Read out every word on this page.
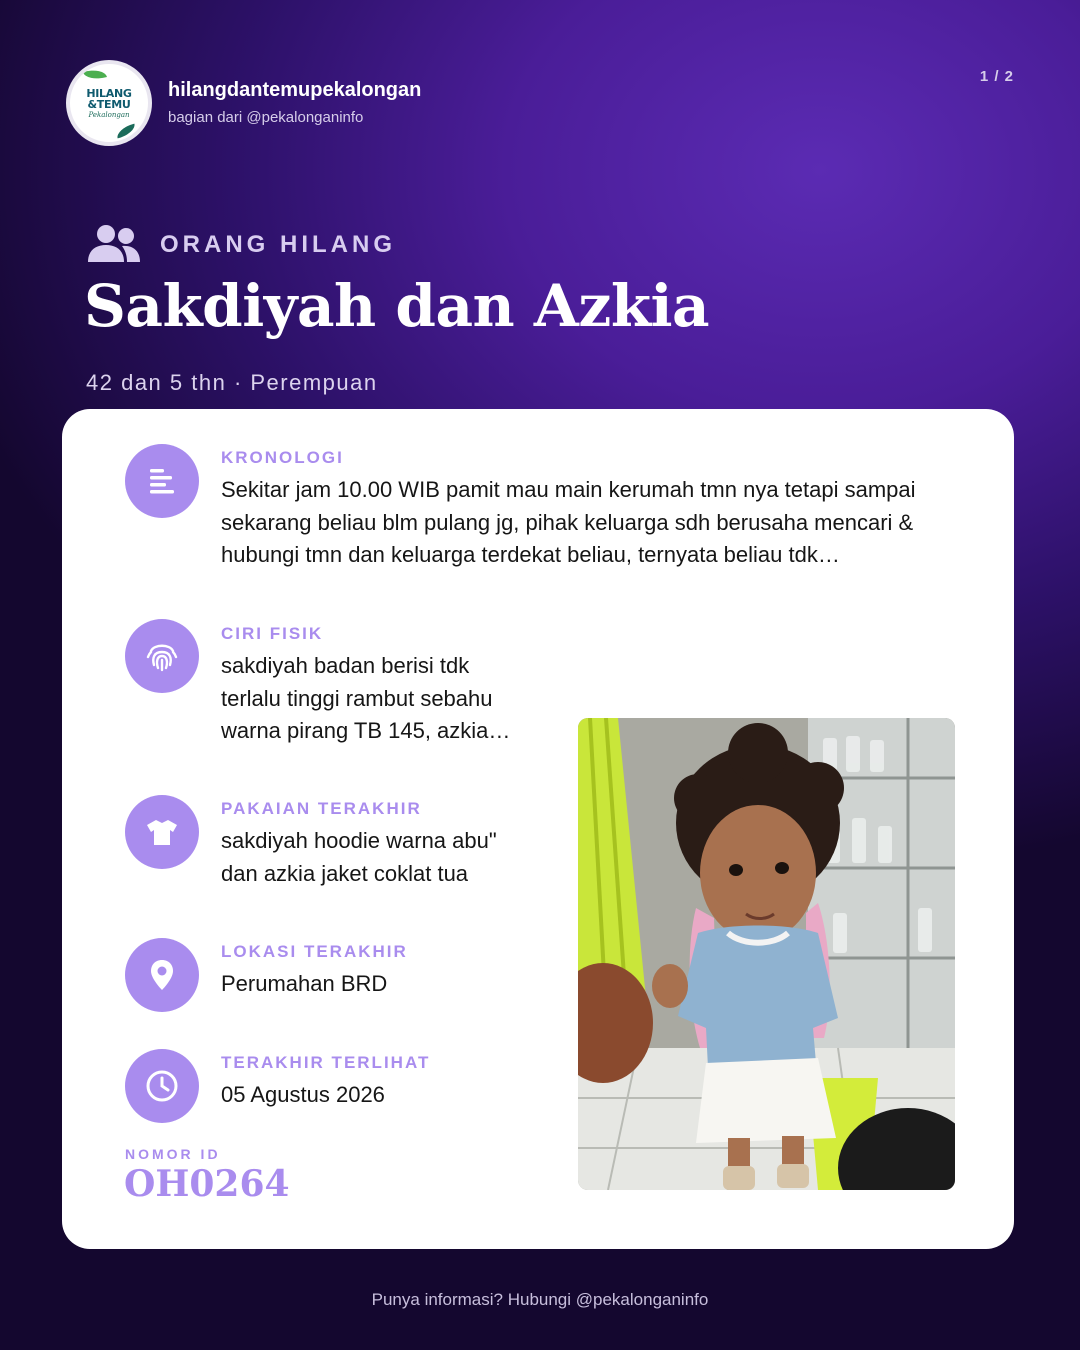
HILANG
&TEMU
Pekalongan
hilangdantemupekalongan
bagian dari @pekalonganinfo
1 / 2
ORANG HILANG
Sakdiyah dan Azkia
42 dan 5 thn · Perempuan
KRONOLOGI
Sekitar jam 10.00 WIB pamit mau main kerumah tmn nya tetapi sampai
sekarang beliau blm pulang jg, pihak keluarga sdh berusaha mencari &
hubungi tmn dan keluarga terdekat beliau, ternyata beliau tdk…
CIRI FISIK
sakdiyah badan berisi tdk
terlalu tinggi rambut sebahu
warna pirang TB 145, azkia…
PAKAIAN TERAKHIR
sakdiyah hoodie warna abu"
dan azkia jaket coklat tua
LOKASI TERAKHIR
Perumahan BRD
TERAKHIR TERLIHAT
05 Agustus 2026
NOMOR ID
OH0264
Punya informasi? Hubungi @pekalonganinfo
